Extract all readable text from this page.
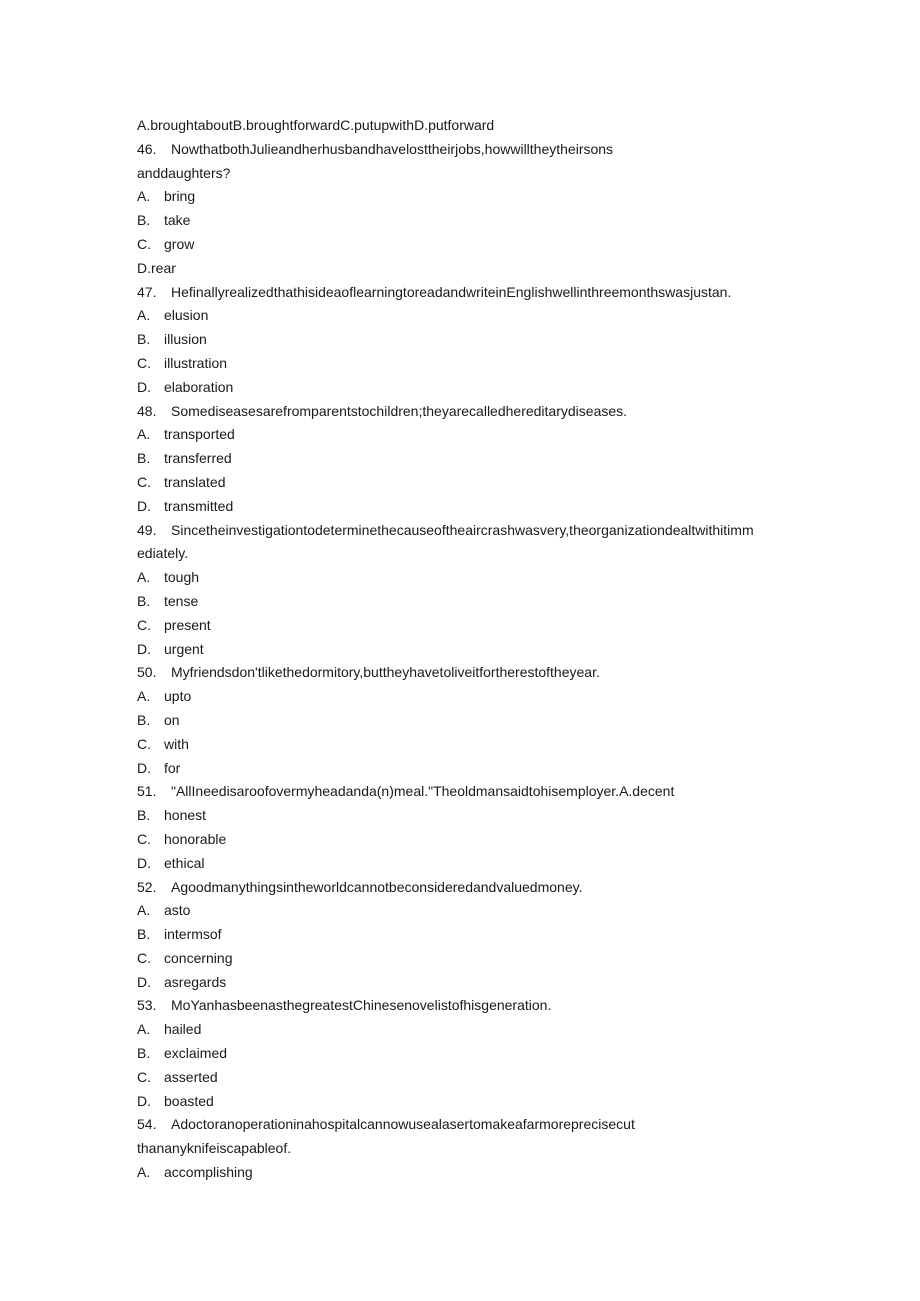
A.broughtaboutB.broughtforwardC.putupwithD.putforward
46. NowthatbothJulieandherhusbandhavelosttheirjobs,howwilltheytheirsons
anddaughters?
A. bring
B. take
C. grow
D.rear
47. HefinallyrealizedthathisideaoflearningtoreadandwriteinEnglishwellinthreemonthswasjustan.
A. elusion
B. illusion
C. illustration
D. elaboration
48. Somediseasesarefromparentstochildren;theyarecalledhereditarydiseases.
A. transported
B. transferred
C. translated
D. transmitted
49. Sincetheinvestigationtodeterminethecauseoftheaircrashwasvery,theorganizationdealtwithitimm
ediately.
A. tough
B. tense
C. present
D. urgent
50. Myfriendsdon'tlikethedormitory,buttheyhavetoliveitfortherestoftheyear.
A. upto
B. on
C. with
D. for
51. "AllIneedisaroofovermyheadanda(n)meal."Theoldmansaidtohisemployer.A.decent
B. honest
C. honorable
D. ethical
52. Agoodmanythingsintheworldcannotbeconsideredandvaluedmoney.
A. asto
B. intermsof
C. concerning
D. asregards
53. MoYanhasbeenasthegreatestChinesenovelistofhisgeneration.
A. hailed
B. exclaimed
C. asserted
D. boasted
54. Adoctoranoperationinahospitalcannowusealasertomakeafarmoreprecisecut
thananyknifeiscapableof.
A. accomplishing
